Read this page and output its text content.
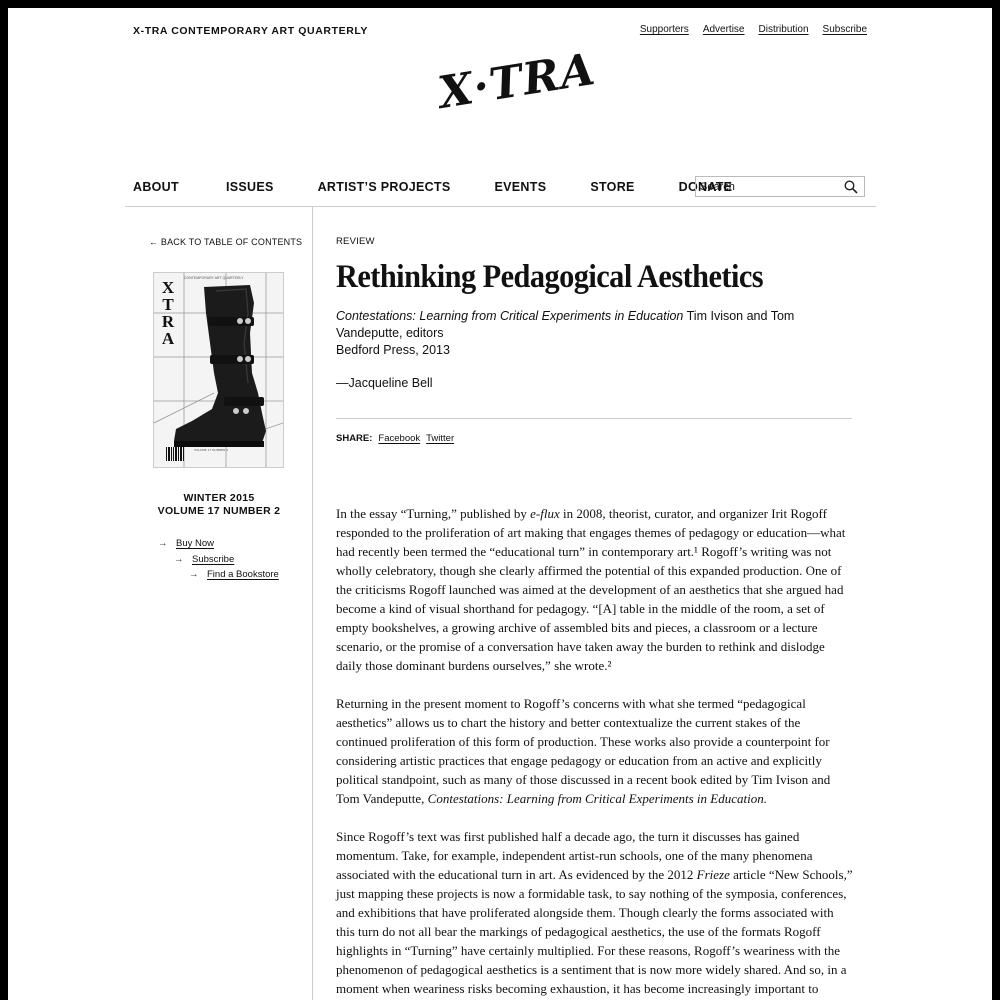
X-TRA CONTEMPORARY ART QUARTERLY	Supporters Advertise Distribution Subscribe
X·TRA
ABOUT	ISSUES	ARTIST’S PROJECTS	EVENTS	STORE	DONATE
Search
← BACK TO TABLE OF CONTENTS
VOLUME 17 NUMBER 2
X
T
R
A
CONTEMPORARY ART QUARTERLY
WINTER 2015
VOLUME 17 NUMBER 2
→ Buy Now
→ Subscribe
→ Find a Bookstore
REVIEW
Rethinking Pedagogical Aesthetics
Contestations: Learning from Critical Experiments in Education Tim Ivison and Tom Vandeputte, editors
Bedford Press, 2013
—Jacqueline Bell
SHARE: Facebook Twitter

In the essay “Turning,” published by e-flux in 2008, theorist, curator, and organizer Irit Rogoff responded to the proliferation of art making that engages themes of pedagogy or education—what had recently been termed the “educational turn” in contemporary art.¹ Rogoff’s writing was not wholly celebratory, though she clearly affirmed the potential of this expanded production. One of the criticisms Rogoff launched was aimed at the development of an aesthetics that she argued had become a kind of visual shorthand for pedagogy. “[A] table in the middle of the room, a set of empty bookshelves, a growing archive of assembled bits and pieces, a classroom or a lecture scenario, or the promise of a conversation have taken away the burden to rethink and dislodge daily those dominant burdens ourselves,” she wrote.²

Returning in the present moment to Rogoff’s concerns with what she termed “pedagogical aesthetics” allows us to chart the history and better contextualize the current stakes of the continued proliferation of this form of production. These works also provide a counterpoint for considering artistic practices that engage pedagogy or education from an active and explicitly political standpoint, such as many of those discussed in a recent book edited by Tim Ivison and Tom Vandeputte, Contestations: Learning from Critical Experiments in Education.

Since Rogoff’s text was first published half a decade ago, the turn it discusses has gained momentum. Take, for example, independent artist-run schools, one of the many phenomena associated with the educational turn in art. As evidenced by the 2012 Frieze article “New Schools,” just mapping these projects is now a formidable task, to say nothing of the symposia, conferences, and exhibitions that have proliferated alongside them. Though clearly the forms associated with this turn do not all bear the markings of pedagogical aesthetics, the use of the formats Rogoff highlights in “Turning” have certainly multiplied. For these reasons, Rogoff’s weariness with the phenomenon of pedagogical aesthetics is a sentiment that is now more widely shared. And so, in a moment when weariness risks becoming exhaustion, it has become increasingly important to
